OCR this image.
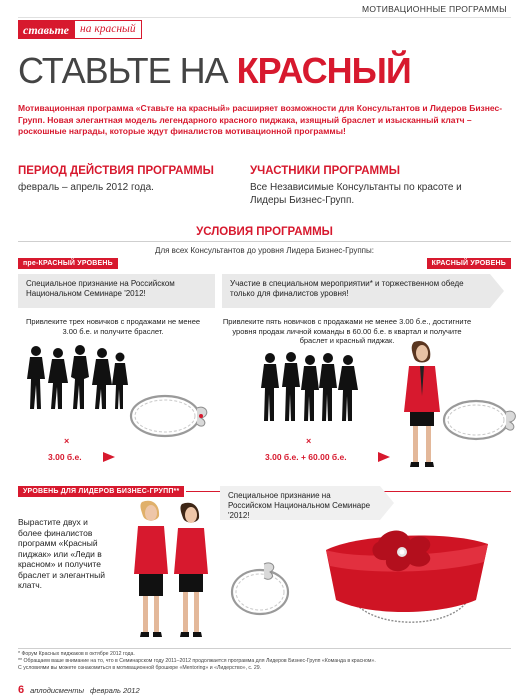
МОТИВАЦИОННЫЕ ПРОГРАММЫ
ставьте на красный
СТАВЬТЕ НА КРАСНЫЙ
Мотивационная программа «Ставьте на красный» расширяет возможности для Консультантов и Лидеров Бизнес-Групп. Новая элегантная модель легендарного красного пиджака, изящный браслет и изысканный клатч – роскошные награды, которые ждут финалистов мотивационной программы!
ПЕРИОД ДЕЙСТВИЯ ПРОГРАММЫ
февраль – апрель 2012 года.
УЧАСТНИКИ ПРОГРАММЫ
Все Независимые Консультанты по красоте и Лидеры Бизнес-Групп.
УСЛОВИЯ ПРОГРАММЫ
Для всех Консультантов до уровня Лидера Бизнес-Группы:
пре-КРАСНЫЙ УРОВЕНЬ	КРАСНЫЙ УРОВЕНЬ
Специальное признание на Российском Национальном Семинаре '2012!
Участие в специальном мероприятии* и торжественном обеде только для финалистов уровня!
Привлеките трех новичков с продажами не менее 3.00 б.е. и получите браслет.
×
3.00 б.е.
Привлеките пять новичков с продажами не менее 3.00 б.е., достигните уровня продаж личной команды в 60.00 б.е. в квартал и получите браслет и красный пиджак.
×
3.00 б.е. + 60.00 б.е.
УРОВЕНЬ ДЛЯ ЛИДЕРОВ БИЗНЕС-ГРУПП**	Специальное признание на Российском Национальном Семинаре '2012!
Вырастите двух и более финалистов программ «Красный пиджак» или «Леди в красном» и получите браслет и элегантный клатч.
* Форум Красных пиджаков в октябре 2012 года.
** Обращаем ваше внимание на то, что в Семинарском году 2011–2012 продолжается программа для Лидеров Бизнес-Групп «Команда в красном».
С условиями вы можете ознакомиться в мотивационной брошюре «Mentoring» и «Лидерство», с. 29.
6 аплодисменты февраль 2012
